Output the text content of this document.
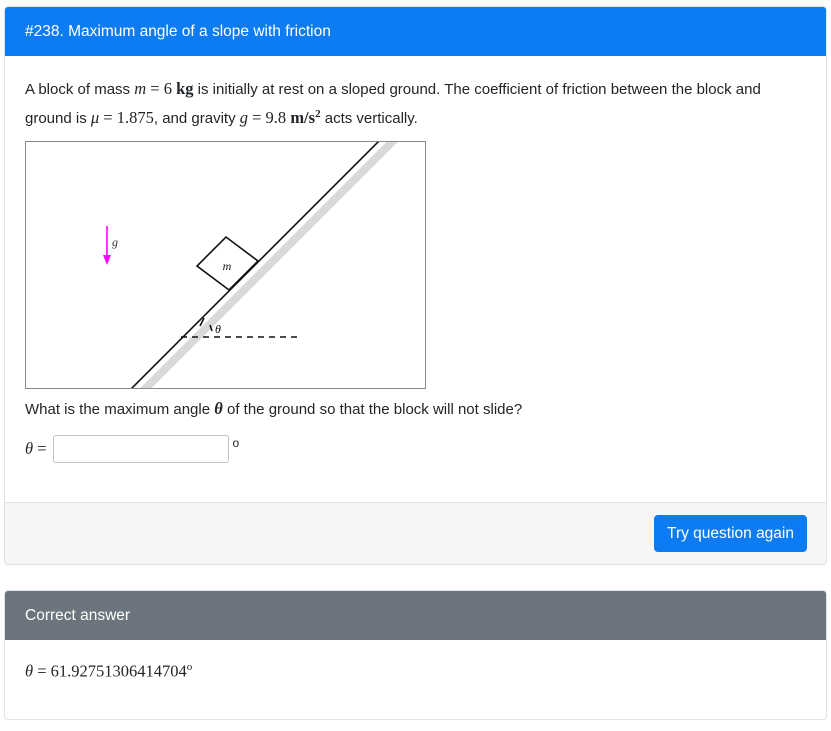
#238. Maximum angle of a slope with friction
A block of mass m = 6 kg is initially at rest on a sloped ground. The coefficient of friction between the block and ground is μ = 1.875, and gravity g = 9.8 $m/s^2$ acts vertically.
m
g
θ
What is the maximum angle θ of the ground so that the block will not slide?
θ =	o
Try question again
Correct answer
$\theta = 61.92751306414704^o$
